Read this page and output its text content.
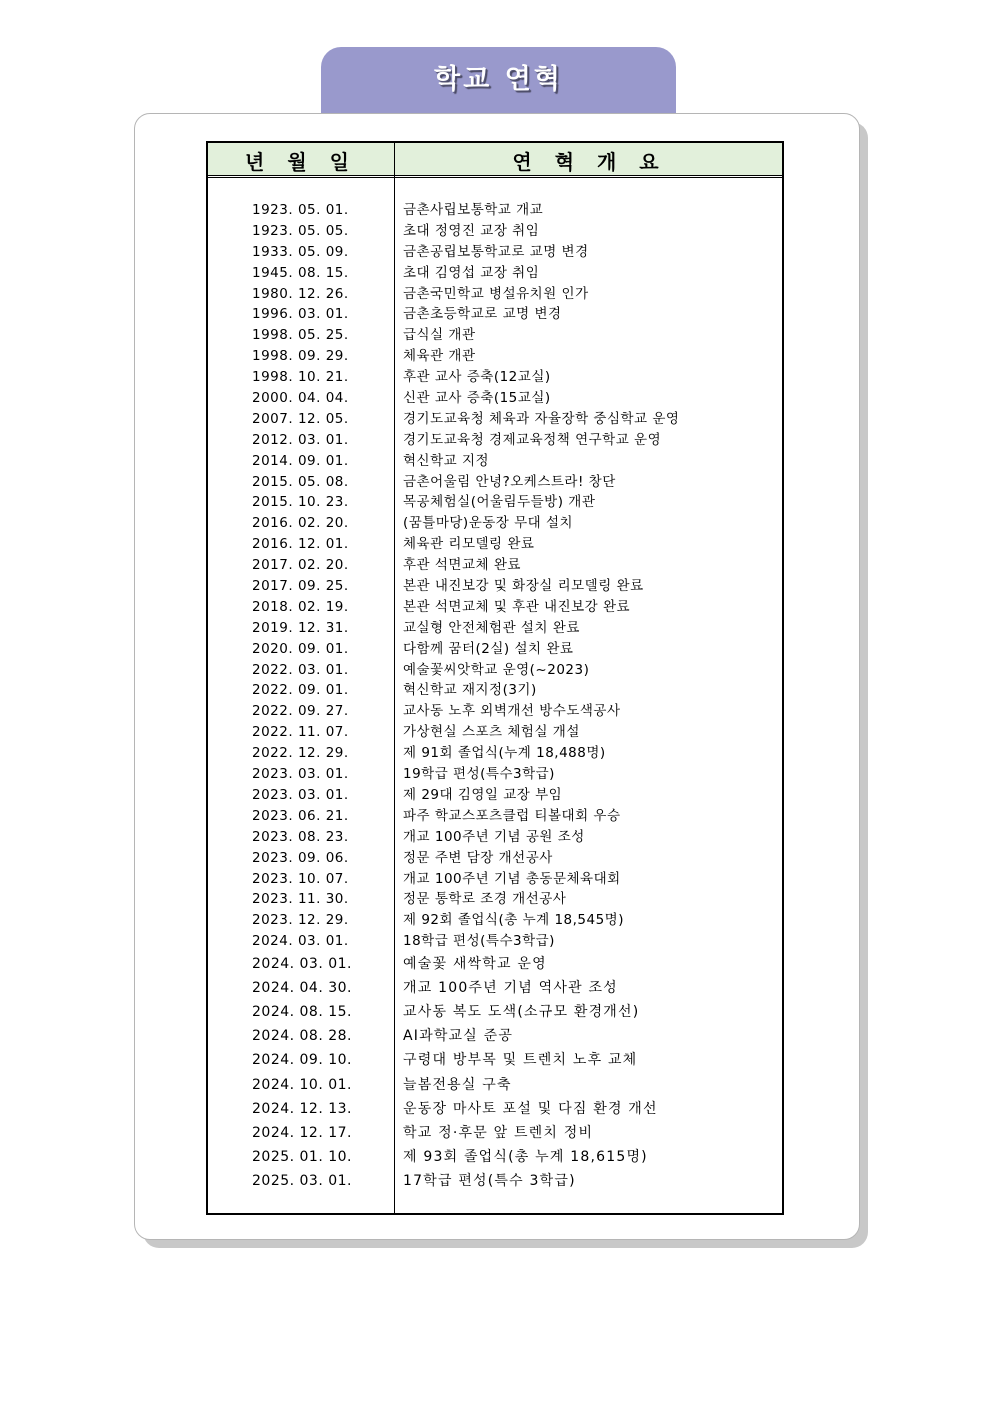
학교 연혁
년 월 일	연 혁 개 요
1923. 05. 01.	금촌사립보통학교 개교
1923. 05. 05.	초대 정영진 교장 취임
1933. 05. 09.	금촌공립보통학교로 교명 변경
1945. 08. 15.	초대 김영섭 교장 취임
1980. 12. 26.	금촌국민학교 병설유치원 인가
1996. 03. 01.	금촌초등학교로 교명 변경
1998. 05. 25.	급식실 개관
1998. 09. 29.	체육관 개관
1998. 10. 21.	후관 교사 증축(12교실)
2000. 04. 04.	신관 교사 증축(15교실)
2007. 12. 05.	경기도교육청 체육과 자율장학 중심학교 운영
2012. 03. 01.	경기도교육청 경제교육정책 연구학교 운영
2014. 09. 01.	혁신학교 지정
2015. 05. 08.	금촌어울림 안녕?오케스트라! 창단
2015. 10. 23.	목공체험실(어울림두들방) 개관
2016. 02. 20.	(꿈틀마당)운동장 무대 설치
2016. 12. 01.	체육관 리모델링 완료
2017. 02. 20.	후관 석면교체 완료
2017. 09. 25.	본관 내진보강 및 화장실 리모델링 완료
2018. 02. 19.	본관 석면교체 및 후관 내진보강 완료
2019. 12. 31.	교실형 안전체험관 설치 완료
2020. 09. 01.	다함께 꿈터(2실) 설치 완료
2022. 03. 01.	예술꽃씨앗학교 운영(~2023)
2022. 09. 01.	혁신학교 재지정(3기)
2022. 09. 27.	교사동 노후 외벽개선 방수도색공사
2022. 11. 07.	가상현실 스포츠 체험실 개설
2022. 12. 29.	제 91회 졸업식(누계 18,488명)
2023. 03. 01.	19학급 편성(특수3학급)
2023. 03. 01.	제 29대 김영일 교장 부임
2023. 06. 21.	파주 학교스포츠클럽 티볼대회 우승
2023. 08. 23.	개교 100주년 기념 공원 조성
2023. 09. 06.	정문 주변 담장 개선공사
2023. 10. 07.	개교 100주년 기념 총동문체육대회
2023. 11. 30.	정문 통학로 조경 개선공사
2023. 12. 29.	제 92회 졸업식(총 누계 18,545명)
2024. 03. 01.	18학급 편성(특수3학급)
2024. 03. 01.	예술꽃 새싹학교 운영
2024. 04. 30.	개교 100주년 기념 역사관 조성
2024. 08. 15.	교사동 복도 도색(소규모 환경개선)
2024. 08. 28.	AI과학교실 준공
2024. 09. 10.	구령대 방부목 및 트렌치 노후 교체
2024. 10. 01.	늘봄전용실 구축
2024. 12. 13.	운동장 마사토 포설 및 다짐 환경 개선
2024. 12. 17.	학교 정·후문 앞 트렌치 정비
2025. 01. 10.	제 93회 졸업식(총 누계 18,615명)
2025. 03. 01.	17학급 편성(특수 3학급)
